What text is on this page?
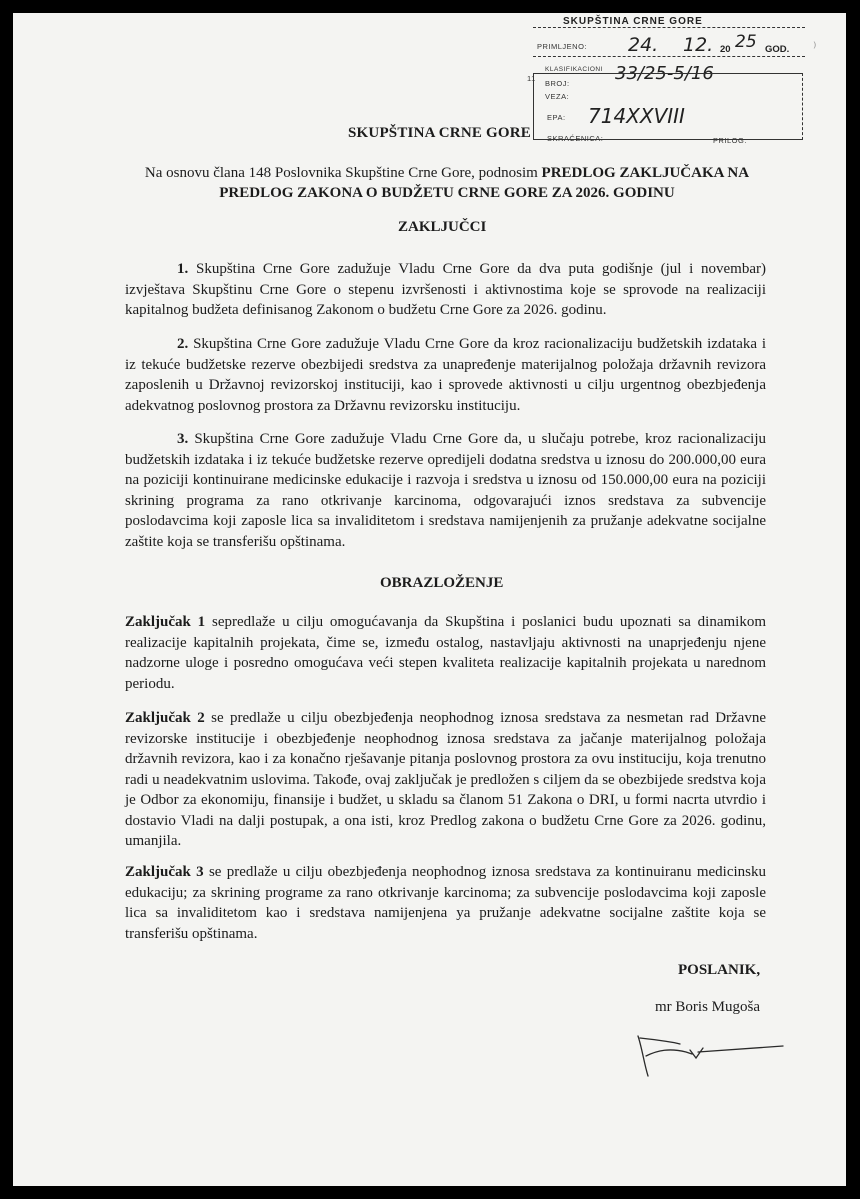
SKUPŠTINA CRNE GORE
PRIMLJENO: 24. 12. 20 25 GOD.
11
KLASIFIKACIONI
BROJ:	33/25-5/16
VEZA:
EPA: 714XXVIII
SKRAĆENICA:	PRILOG:
⁾
SKUPŠTINA CRNE GORE
Na osnovu člana 148 Poslovnika Skupštine Crne Gore, podnosim PREDLOG ZAKLJUČAKA NA PREDLOG ZAKONA O BUDŽETU CRNE GORE ZA 2026. GODINU
ZAKLJUČCI
1. Skupština Crne Gore zadužuje Vladu Crne Gore da dva puta godišnje (jul i novembar) izvještava Skupštinu Crne Gore o stepenu izvršenosti i aktivnostima koje se sprovode na realizaciji kapitalnog budžeta definisanog Zakonom o budžetu Crne Gore za 2026. godinu.
2. Skupština Crne Gore zadužuje Vladu Crne Gore da kroz racionalizaciju budžetskih izdataka i iz tekuće budžetske rezerve obezbijedi sredstva za unapređenje materijalnog položaja državnih revizora zaposlenih u Državnoj revizorskoj instituciji, kao i sprovede aktivnosti u cilju urgentnog obezbjeđenja adekvatnog poslovnog prostora za Državnu revizorsku instituciju.
3. Skupština Crne Gore zadužuje Vladu Crne Gore da, u slučaju potrebe, kroz racionalizaciju budžetskih izdataka i iz tekuće budžetske rezerve opredijeli dodatna sredstva u iznosu do 200.000,00 eura na poziciji kontinuirane medicinske edukacije i razvoja i sredstva u iznosu od 150.000,00 eura na poziciji skrining programa za rano otkrivanje karcinoma, odgovarajući iznos sredstava za subvencije poslodavcima koji zaposle lica sa invaliditetom i sredstava namijenjenih za pružanje adekvatne socijalne zaštite koja se transferišu opštinama.
OBRAZLOŽENJE
Zaključak 1 sepredlaže u cilju omogućavanja da Skupština i poslanici budu upoznati sa dinamikom realizacije kapitalnih projekata, čime se, između ostalog, nastavljaju aktivnosti na unaprjeđenju njene nadzorne uloge i posredno omogućava veći stepen kvaliteta realizacije kapitalnih projekata u narednom periodu.
Zaključak 2 se predlaže u cilju obezbjeđenja neophodnog iznosa sredstava za nesmetan rad Državne revizorske institucije i obezbjeđenje neophodnog iznosa sredstava za jačanje materijalnog položaja državnih revizora, kao i za konačno rješavanje pitanja poslovnog prostora za ovu instituciju, koja trenutno radi u neadekvatnim uslovima. Takođe, ovaj zaključak je predložen s ciljem da se obezbijede sredstva koja je Odbor za ekonomiju, finansije i budžet, u skladu sa članom 51 Zakona o DRI, u formi nacrta utvrdio i dostavio Vladi na dalji postupak, a ona isti, kroz Predlog zakona o budžetu Crne Gore za 2026. godinu, umanjila.
Zaključak 3 se predlaže u cilju obezbjeđenja neophodnog iznosa sredstava za kontinuiranu medicinsku edukaciju; za skrining programe za rano otkrivanje karcinoma; za subvencije poslodavcima koji zaposle lica sa invaliditetom kao i sredstava namijenjena ya pružanje adekvatne socijalne zaštite koja se transferišu opštinama.
POSLANIK,
mr Boris Mugoša
